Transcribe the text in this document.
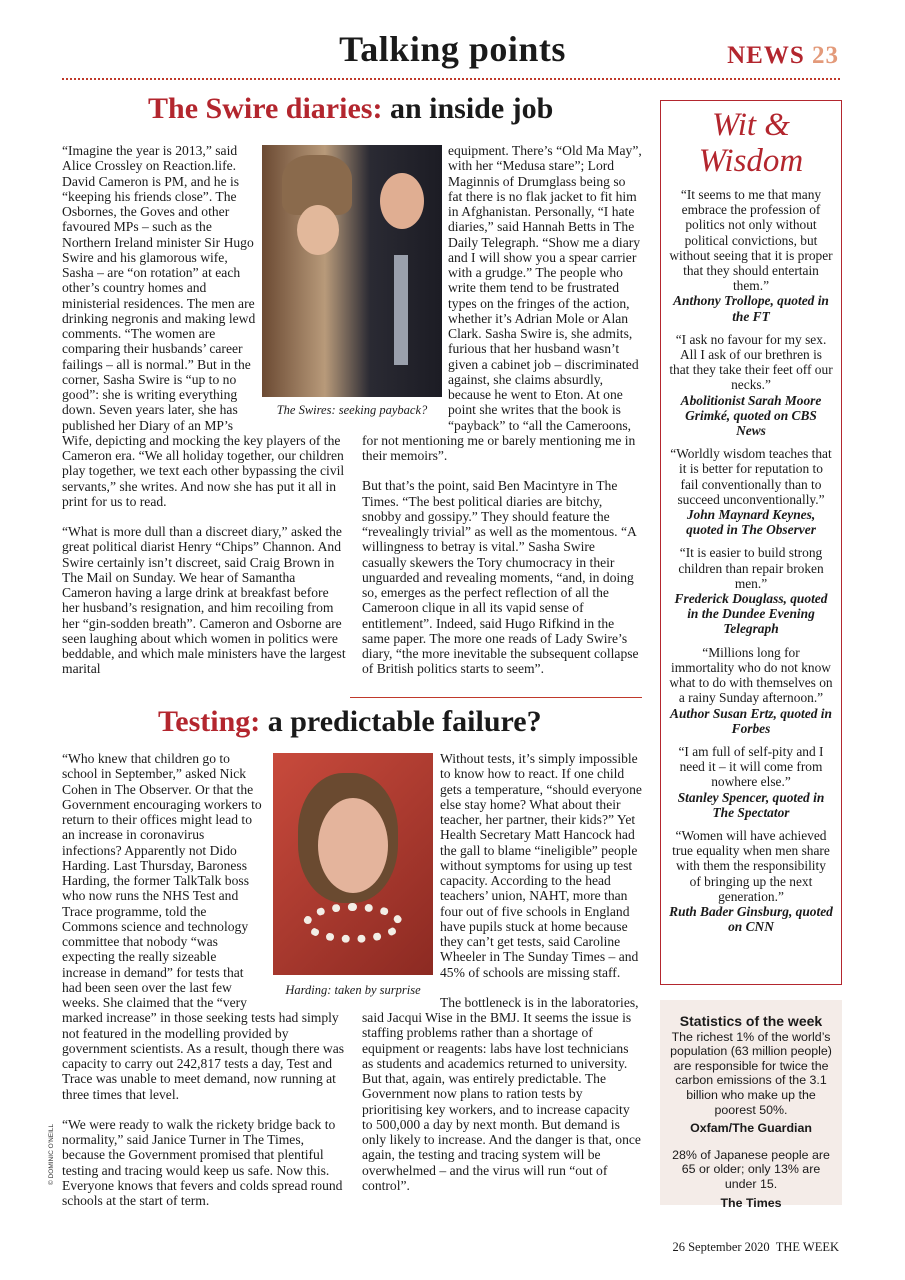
Talking points	NEWS 23
The Swire diaries: an inside job

“Imagine the year is 2013,” said Alice Crossley on Reaction.life. David Cameron is PM, and he is “keeping his friends close”. The Osbornes, the Goves and other favoured MPs – such as the Northern Ireland minister Sir Hugo Swire and his glamorous wife, Sasha – are “on rotation” at each other’s country homes and ministerial residences. The men are drinking negronis and making lewd comments. “The women are comparing their husbands’ career failings – all is normal.” But in the corner, Sasha Swire is “up to no good”: she is writing everything down. Seven years later, she has published her Diary of an MP’s Wife, depicting and mocking the key players of the Cameron era. “We all holiday together, our children play together, we text each other bypassing the civil servants,” she writes. And now she has put it all in print for us to read.

“What is more dull than a discreet diary,” asked the great political diarist Henry “Chips” Channon. And Swire certainly isn’t discreet, said Craig Brown in The Mail on Sunday. We hear of Samantha Cameron having a large drink at breakfast before her husband’s resignation, and him recoiling from her “gin-sodden breath”. Cameron and Osborne are seen laughing about which women in politics were beddable, and which male ministers have the largest marital

equipment. There’s “Old Ma May”, with her “Medusa stare”; Lord Maginnis of Drumglass being so fat there is no flak jacket to fit him in Afghanistan. Personally, “I hate diaries,” said Hannah Betts in The Daily Telegraph. “Show me a diary and I will show you a spear carrier with a grudge.” The people who write them tend to be frustrated types on the fringes of the action, whether it’s Adrian Mole or Alan Clark. Sasha Swire is, she admits, furious that her husband wasn’t given a cabinet job – discriminated against, she claims absurdly, because he went to Eton. At one point she writes that the book is “payback” to “all the Cameroons, for not mentioning me or barely mentioning me in their memoirs”.

But that’s the point, said Ben Macintyre in The Times. “The best political diaries are bitchy, snobby and gossipy.” They should feature the “revealingly trivial” as well as the momentous. “A willingness to betray is vital.” Sasha Swire casually skewers the Tory chumocracy in their unguarded and revealing moments, “and, in doing so, emerges as the perfect reflection of all the Cameroon clique in all its vapid sense of entitlement”. Indeed, said Hugo Rifkind in the same paper. The more one reads of Lady Swire’s diary, “the more inevitable the subsequent collapse of British politics starts to seem”.

The Swires: seeking payback?
Testing: a predictable failure?

“Who knew that children go to school in September,” asked Nick Cohen in The Observer. Or that the Government encouraging workers to return to their offices might lead to an increase in coronavirus infections? Apparently not Dido Harding. Last Thursday, Baroness Harding, the former TalkTalk boss who now runs the NHS Test and Trace programme, told the Commons science and technology committee that nobody “was expecting the really sizeable increase in demand” for tests that had been seen over the last few weeks. She claimed that the “very marked increase” in those seeking tests had simply not featured in the modelling provided by government scientists. As a result, though there was capacity to carry out 242,817 tests a day, Test and Trace was unable to meet demand, now running at three times that level.

“We were ready to walk the rickety bridge back to normality,” said Janice Turner in The Times, because the Government promised that plentiful testing and tracing would keep us safe. Now this. Everyone knows that fevers and colds spread round schools at the start of term.

Without tests, it’s simply impossible to know how to react. If one child gets a temperature, “should everyone else stay home? What about their teacher, her partner, their kids?” Yet Health Secretary Matt Hancock had the gall to blame “ineligible” people without symptoms for using up test capacity. According to the head teachers’ union, NAHT, more than four out of five schools in England have pupils stuck at home because they can’t get tests, said Caroline Wheeler in The Sunday Times – and 45% of schools are missing staff.

The bottleneck is in the laboratories, said Jacqui Wise in the BMJ. It seems the issue is staffing problems rather than a shortage of equipment or reagents: labs have lost technicians as students and academics returned to university. But that, again, was entirely predictable. The Government now plans to ration tests by prioritising key workers, and to increase capacity to 500,000 a day by next month. But demand is only likely to increase. And the danger is that, once again, the testing and tracing system will be overwhelmed – and the virus will run “out of control”.

Harding: taken by surprise
© DOMINIC O’NEILL
Wit & Wisdom
“It seems to me that many embrace the profession of politics not only without political convictions, but without seeing that it is proper that they should entertain them.”
Anthony Trollope, quoted in the FT
“I ask no favour for my sex. All I ask of our brethren is that they take their feet off our necks.”
Abolitionist Sarah Moore Grimké, quoted on CBS News
“Worldly wisdom teaches that it is better for reputation to fail conventionally than to succeed unconventionally.”
John Maynard Keynes, quoted in The Observer
“It is easier to build strong children than repair broken men.”
Frederick Douglass, quoted in the Dundee Evening Telegraph
“Millions long for immortality who do not know what to do with themselves on a rainy Sunday afternoon.”
Author Susan Ertz, quoted in Forbes
“I am full of self-pity and I need it – it will come from nowhere else.”
Stanley Spencer, quoted in The Spectator
“Women will have achieved true equality when men share with them the responsibility of bringing up the next generation.”
Ruth Bader Ginsburg, quoted on CNN
Statistics of the week
The richest 1% of the world’s population (63 million people) are responsible for twice the carbon emissions of the 3.1 billion who make up the poorest 50%.
Oxfam/The Guardian
28% of Japanese people are 65 or older; only 13% are under 15.
The Times
26 September 2020  THE WEEK
